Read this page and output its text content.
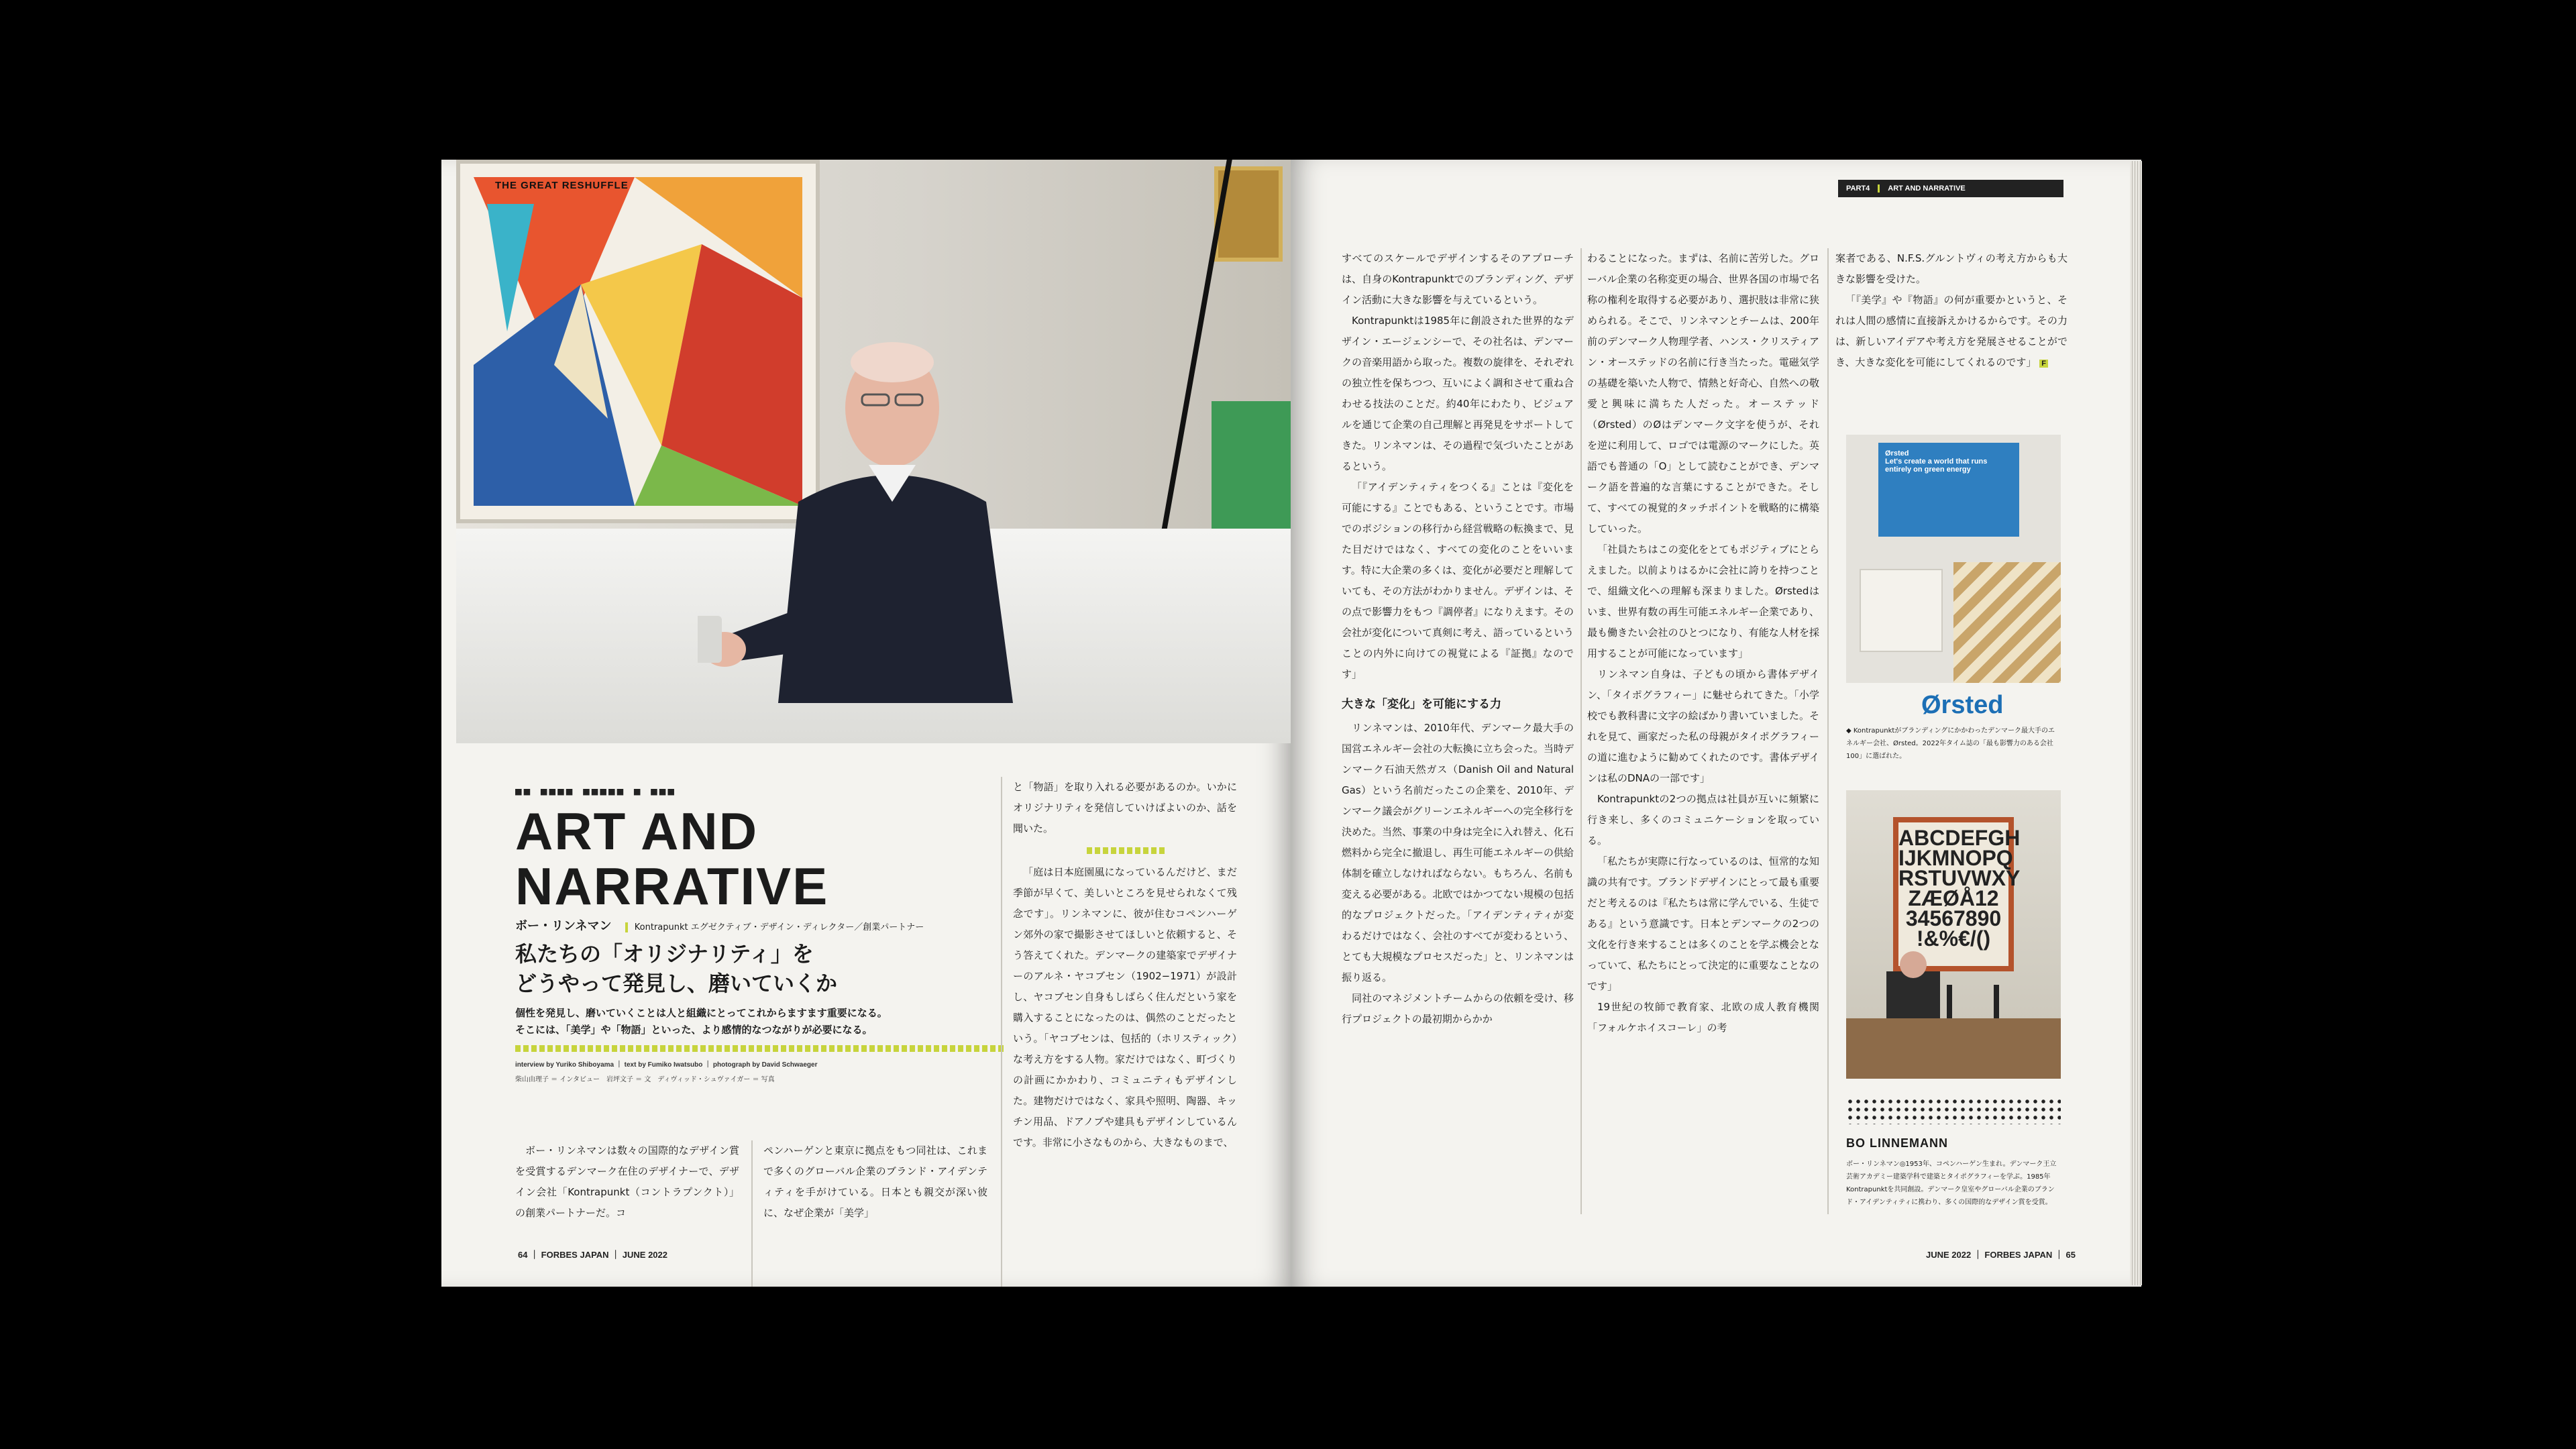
THE GREAT RESHUFFLE
■■ ■■■■ ■■■■■ ■ ■■■
ART AND
NARRATIVE
ボー・リンネマン	Kontrapunkt エグゼクティブ・デザイン・ディレクター／創業パートナー
私たちの「オリジナリティ」を
どうやって発見し、磨いていくか
個性を発見し、磨いていくことは人と組織にとってこれからますます重要になる。
そこには、「美学」や「物語」といった、より感情的なつながりが必要になる。
interview by Yuriko Shiboyama ｜ text by Fumiko Iwatsubo ｜ photograph by David Schwaeger
柴山由理子 ＝ インタビュー　岩坪文子 ＝ 文　ディヴィッド・シュヴァイガー ＝ 写真

ボー・リンネマンは数々の国際的なデザイン賞を受賞するデンマーク在住のデザイナーで、デザイン会社「Kontrapunkt（コントラプンクト）」の創業パートナーだ。コ

ペンハーゲンと東京に拠点をもつ同社は、これまで多くのグローバル企業のブランド・アイデンティティを手がけている。日本とも親交が深い彼に、なぜ企業が「美学」

と「物語」を取り入れる必要があるのか。いかにオリジナリティを発信していけばよいのか、話を聞いた。

「庭は日本庭園風になっているんだけど、まだ季節が早くて、美しいところを見せられなくて残念です」。リンネマンに、彼が住むコペンハーゲン郊外の家で撮影させてほしいと依頼すると、そう答えてくれた。デンマークの建築家でデザイナーのアルネ・ヤコブセン（1902−1971）が設計し、ヤコブセン自身もしばらく住んだという家を購入することになったのは、偶然のことだったという。「ヤコブセンは、包括的（ホリスティック）な考え方をする人物。家だけではなく、町づくりの計画にかかわり、コミュニティもデザインした。建物だけではなく、家具や照明、陶器、キッチン用品、ドアノブや建具もデザインしているんです。非常に小さなものから、大きなものまで、

64 ｜ FORBES JAPAN ｜ JUNE 2022
PART4 ART AND NARRATIVE

すべてのスケールでデザインするそのアプローチは、自身のKontrapunktでのブランディング、デザイン活動に大きな影響を与えているという。

Kontrapunktは1985年に創設された世界的なデザイン・エージェンシーで、その社名は、デンマークの音楽用語から取った。複数の旋律を、それぞれの独立性を保ちつつ、互いによく調和させて重ね合わせる技法のことだ。約40年にわたり、ビジュアルを通じて企業の自己理解と再発見をサポートしてきた。リンネマンは、その過程で気づいたことがあるという。

「『アイデンティティをつくる』ことは『変化を可能にする』ことでもある、ということです。市場でのポジションの移行から経営戦略の転換まで、見た目だけではなく、すべての変化のことをいいます。特に大企業の多くは、変化が必要だと理解していても、その方法がわかりません。デザインは、その点で影響力をもつ『調停者』になりえます。その会社が変化について真剣に考え、語っているということの内外に向けての視覚による『証拠』なのです」

大きな「変化」を可能にする力

リンネマンは、2010年代、デンマーク最大手の国営エネルギー会社の大転換に立ち会った。当時デンマーク石油天然ガス（Danish Oil and Natural Gas）という名前だったこの企業を、2010年、デンマーク議会がグリーンエネルギーへの完全移行を決めた。当然、事業の中身は完全に入れ替え、化石燃料から完全に撤退し、再生可能エネルギーの供給体制を確立しなければならない。もちろん、名前も変える必要がある。北欧ではかつてない規模の包括的なプロジェクトだった。「アイデンティティが変わるだけではなく、会社のすべてが変わるという、とても大規模なプロセスだった」と、リンネマンは振り返る。

同社のマネジメントチームからの依頼を受け、移行プロジェクトの最初期からかか

わることになった。まずは、名前に苦労した。グローバル企業の名称変更の場合、世界各国の市場で名称の権利を取得する必要があり、選択肢は非常に狭められる。そこで、リンネマンとチームは、200年前のデンマーク人物理学者、ハンス・クリスティアン・オーステッドの名前に行き当たった。電磁気学の基礎を築いた人物で、情熱と好奇心、自然への敬愛と興味に満ちた人だった。オーステッド（Ørsted）のØはデンマーク文字を使うが、それを逆に利用して、ロゴでは電源のマークにした。英語でも普通の「O」として読むことができ、デンマーク語を普遍的な言葉にすることができた。そして、すべての視覚的タッチポイントを戦略的に構築していった。

「社員たちはこの変化をとてもポジティブにとらえました。以前よりはるかに会社に誇りを持つことで、組織文化への理解も深まりました。Ørstedはいま、世界有数の再生可能エネルギー企業であり、最も働きたい会社のひとつになり、有能な人材を採用することが可能になっています」

リンネマン自身は、子どもの頃から書体デザイン、「タイポグラフィー」に魅せられてきた。「小学校でも教科書に文字の絵ばかり書いていました。それを見て、画家だった私の母親がタイポグラフィーの道に進むように勧めてくれたのです。書体デザインは私のDNAの一部です」

Kontrapunktの2つの拠点は社員が互いに頻繁に行き来し、多くのコミュニケーションを取っている。

「私たちが実際に行なっているのは、恒常的な知識の共有です。ブランドデザインにとって最も重要だと考えるのは『私たちは常に学んでいる、生徒である』という意識です。日本とデンマークの2つの文化を行き来することは多くのことを学ぶ機会となっていて、私たちにとって決定的に重要なことなのです」

19世紀の牧師で教育家、北欧の成人教育機関「フォルケホイスコーレ」の考

案者である、N.F.S.グルントヴィの考え方からも大きな影響を受けた。

「『美学』や『物語』の何が重要かというと、それは人間の感情に直接訴えかけるからです。その力は、新しいアイデアや考え方を発展させることができ、大きな変化を可能にしてくれるのです」 F

Ørsted
Let's create a world that runs entirely on green energy
Ørsted
◆ Kontrapunktがブランディングにかかわったデンマーク最大手のエネルギー会社、Ørsted。2022年タイム誌の「最も影響力のある会社100」に選ばれた。
ABCDEFGH IJKMNOPQ RSTUVWXY ZÆØÅ12 34567890 !&%€/()
BO LINNEMANN
ボー・リンネマン◎1953年、コペンハーゲン生まれ。デンマーク王立芸術アカデミー建築学科で建築とタイポグラフィーを学ぶ。1985年Kontrapunktを共同創設。デンマーク皇室やグローバル企業のブランド・アイデンティティに携わり、多くの国際的なデザイン賞を受賞。
JUNE 2022 ｜ FORBES JAPAN ｜ 65
